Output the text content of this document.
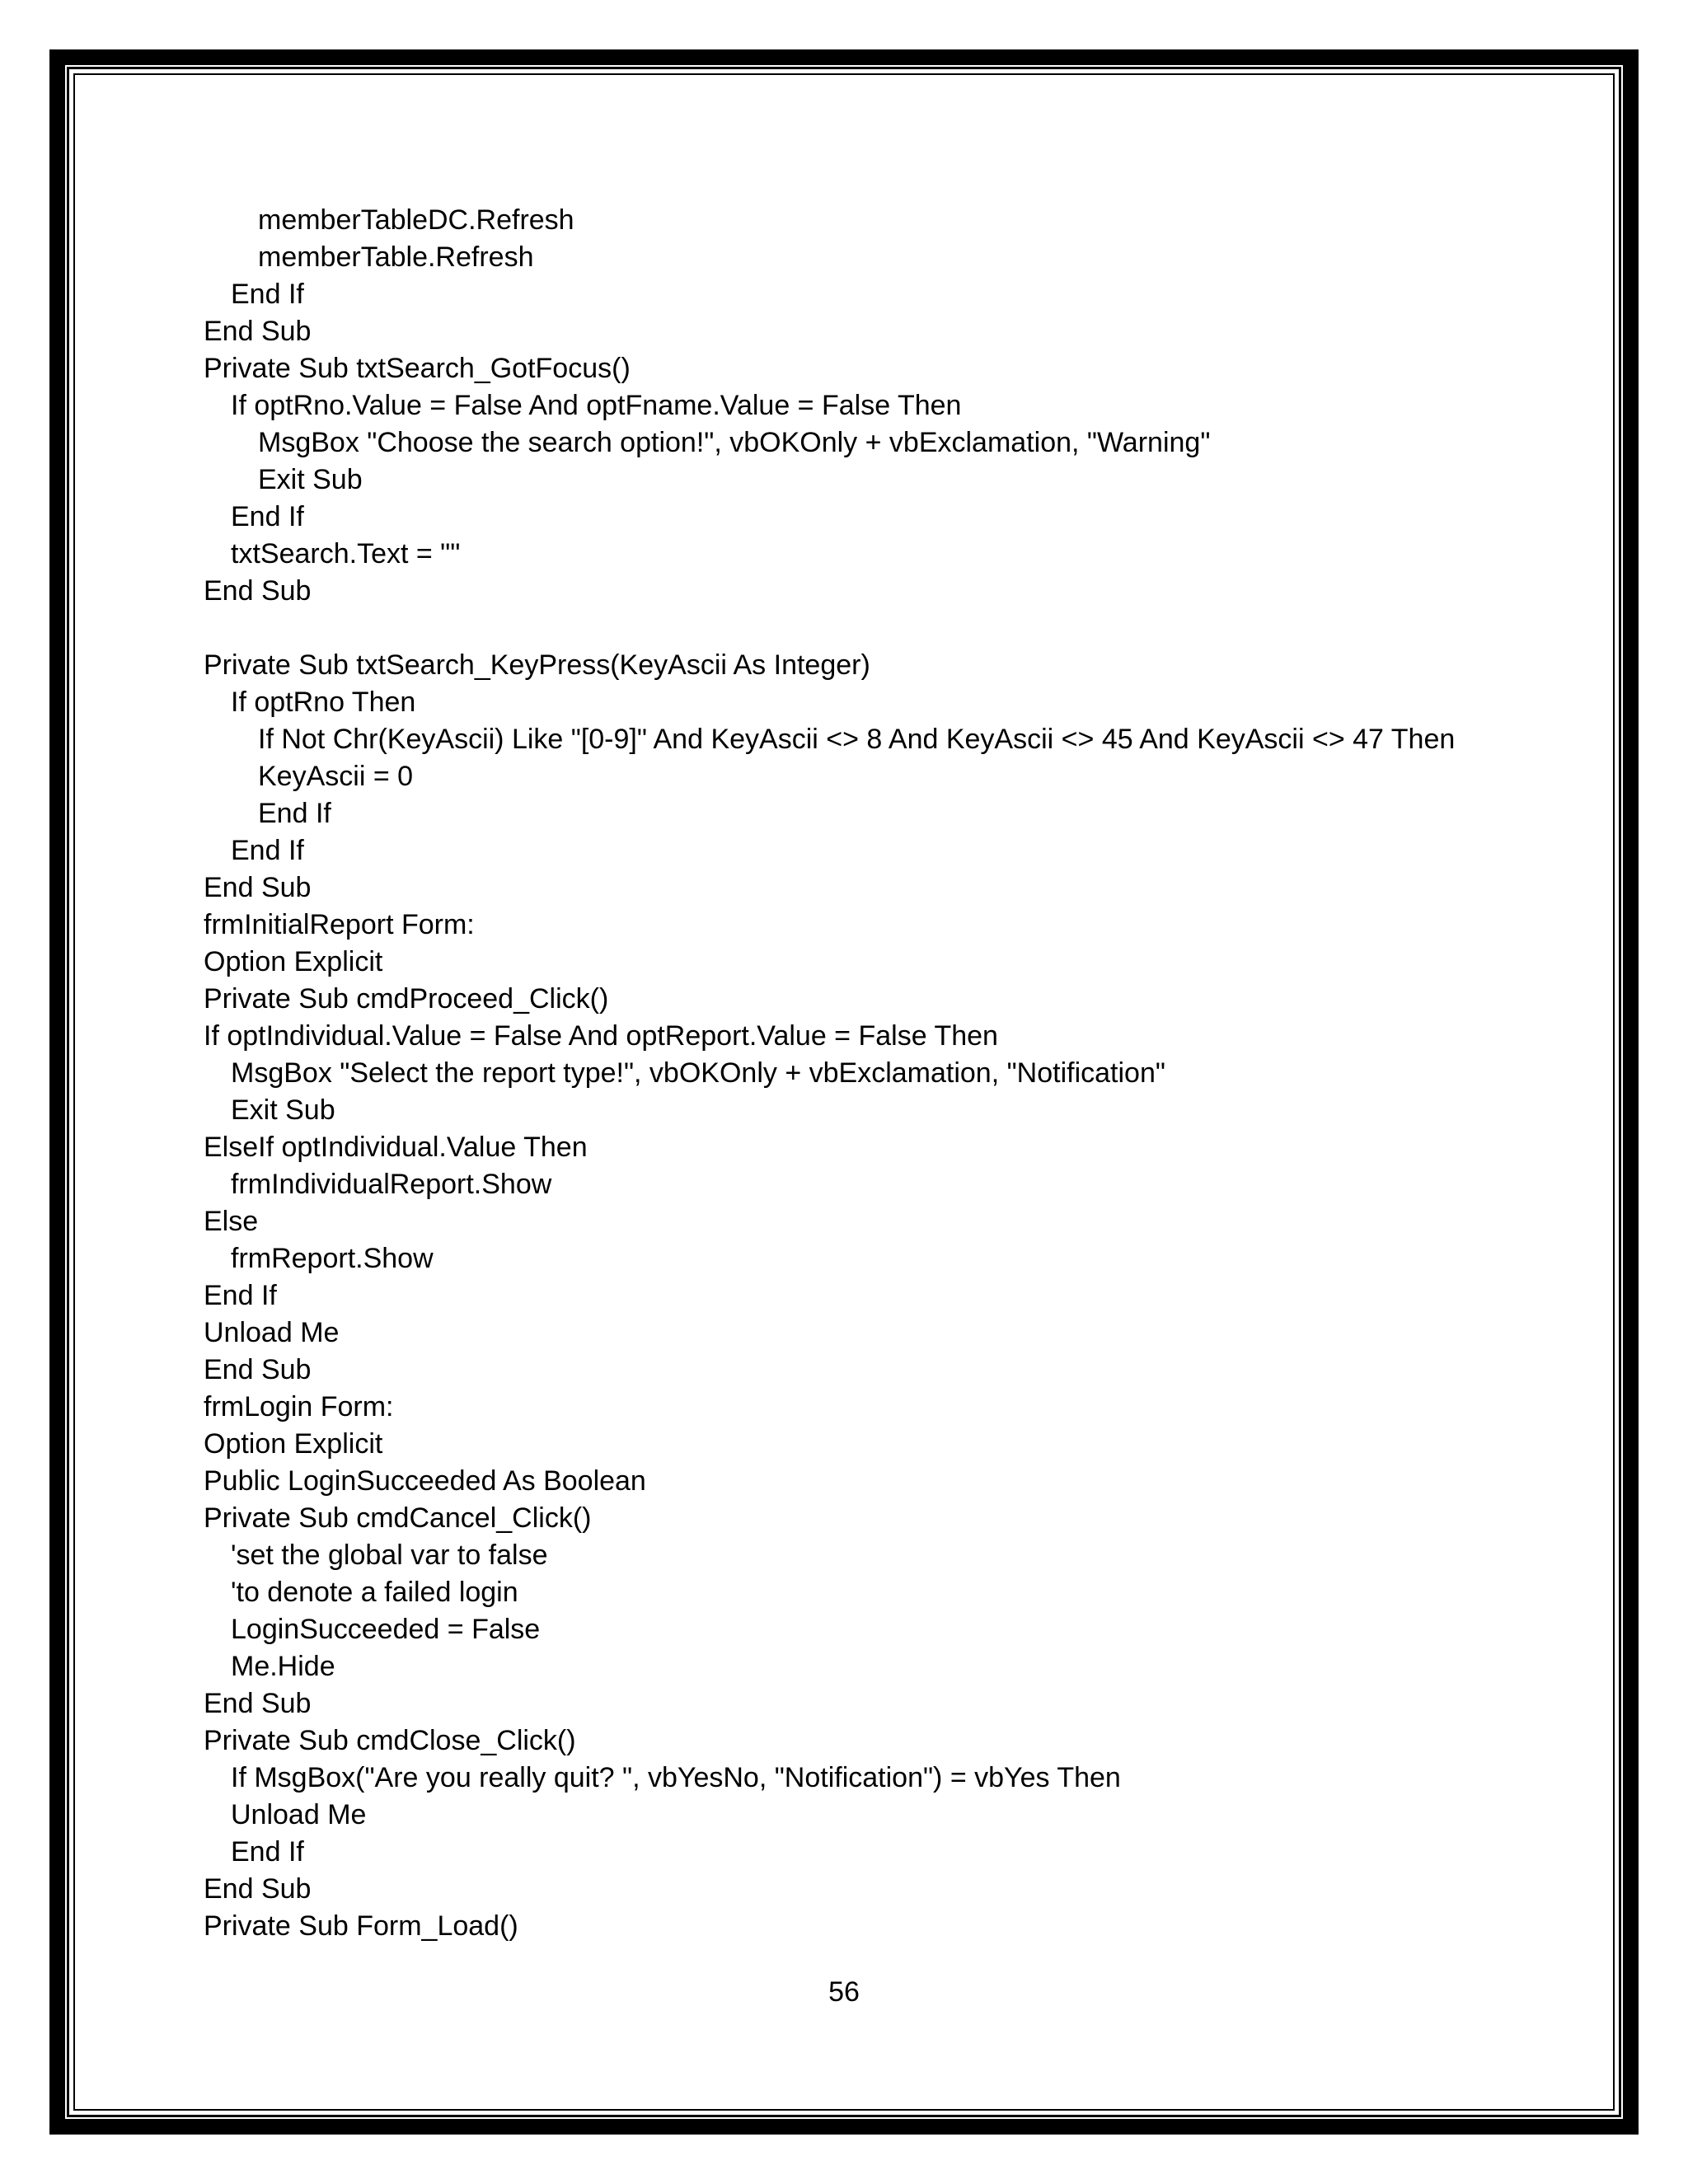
memberTableDC.Refresh
memberTable.Refresh
End If
End Sub
Private Sub txtSearch_GotFocus()
If optRno.Value = False And optFname.Value = False Then
MsgBox "Choose the search option!", vbOKOnly + vbExclamation, "Warning"
Exit Sub
End If
txtSearch.Text = ""
End Sub
Private Sub txtSearch_KeyPress(KeyAscii As Integer)
If optRno Then
If Not Chr(KeyAscii) Like "[0-9]" And KeyAscii <> 8 And KeyAscii <> 45 And KeyAscii <> 47 Then
KeyAscii = 0
End If
End If
End Sub
frmInitialReport Form:
Option Explicit
Private Sub cmdProceed_Click()
If optIndividual.Value = False And optReport.Value = False Then
MsgBox "Select the report type!", vbOKOnly + vbExclamation, "Notification"
Exit Sub
ElseIf optIndividual.Value Then
frmIndividualReport.Show
Else
frmReport.Show
End If
Unload Me
End Sub
frmLogin Form:
Option Explicit
Public LoginSucceeded As Boolean
Private Sub cmdCancel_Click()
'set the global var to false
'to denote a failed login
LoginSucceeded = False
Me.Hide
End Sub
Private Sub cmdClose_Click()
If MsgBox("Are you really quit? ", vbYesNo, "Notification") = vbYes Then
Unload Me
End If
End Sub
Private Sub Form_Load()
56
